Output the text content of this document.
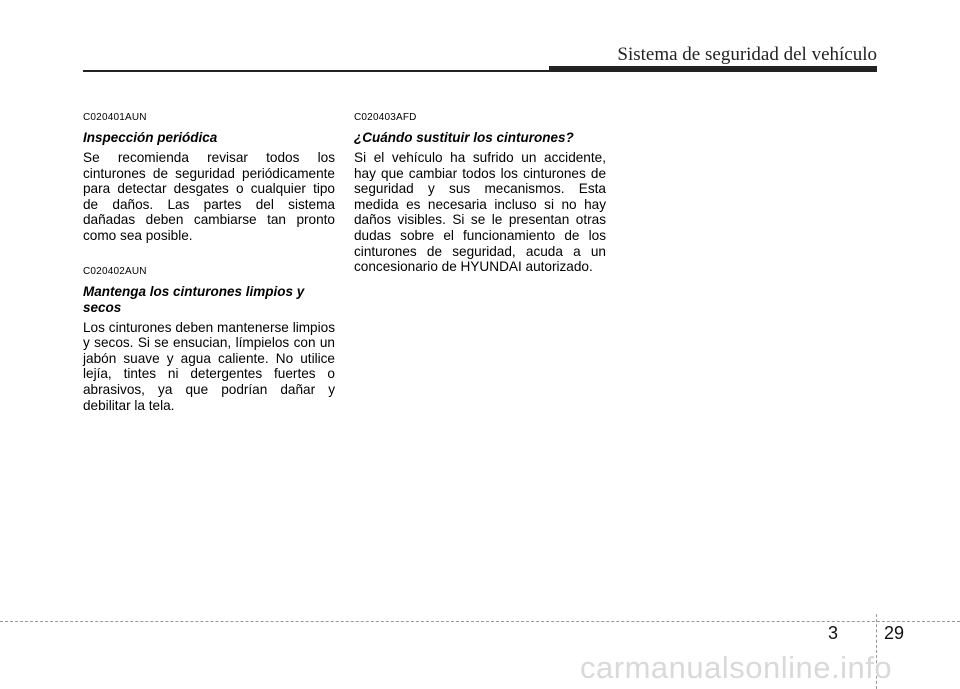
Sistema de seguridad del vehículo
C020401AUN
Inspección periódica
Se recomienda revisar todos los cinturones de seguridad periódicamente para detectar desgates o cualquier tipo de daños. Las partes del sistema dañadas deben cambiarse tan pronto como sea posible.
C020402AUN
Mantenga los cinturones limpios y secos
Los cinturones deben mantenerse limpios y secos. Si se ensucian, límpielos con un jabón suave y agua caliente. No utilice lejía, tintes ni detergentes fuertes o abrasivos, ya que podrían dañar y debilitar la tela.
C020403AFD
¿Cuándo sustituir los cinturones?
Si el vehículo ha sufrido un accidente, hay que cambiar todos los cinturones de seguridad y sus mecanismos. Esta medida es necesaria incluso si no hay daños visibles. Si se le presentan otras dudas sobre el funcionamiento de los cinturones de seguridad, acuda a un concesionario de HYUNDAI autorizado.
3	29
carmanualsonline.info
